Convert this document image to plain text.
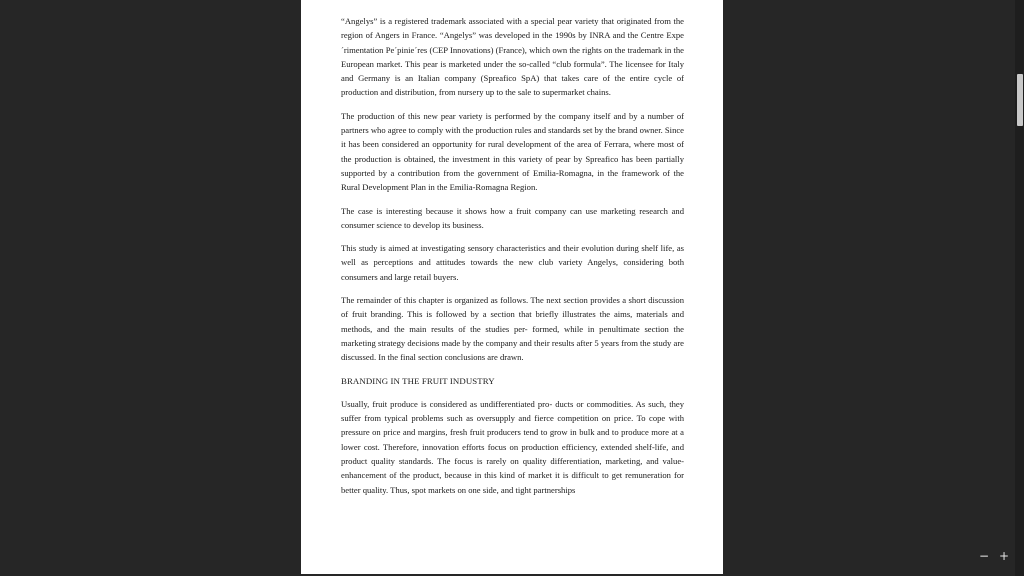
“Angelys” is a registered trademark associated with a special pear variety that originated from the region of Angers in France. “Angelys” was developed in the 1990s by INRA and the Centre Expe´rimentation Pe´pinie´res (CEP Innovations) (France), which own the rights on the trademark in the European market. This pear is marketed under the so-called “club formula”. The licensee for Italy and Germany is an Italian company (Spreafico SpA) that takes care of the entire cycle of production and distribution, from nursery up to the sale to supermarket chains.

The production of this new pear variety is performed by the company itself and by a number of partners who agree to comply with the production rules and standards set by the brand owner. Since it has been considered an opportunity for rural development of the area of Ferrara, where most of the production is obtained, the investment in this variety of pear by Spreafico has been partially supported by a contribution from the government of Emilia-Romagna, in the framework of the Rural Development Plan in the Emilia-Romagna Region.

The case is interesting because it shows how a fruit company can use marketing research and consumer science to develop its business.

This study is aimed at investigating sensory characteristics and their evolution during shelf life, as well as perceptions and attitudes towards the new club variety Angelys, considering both consumers and large retail buyers.

The remainder of this chapter is organized as follows. The next section provides a short discussion of fruit branding. This is followed by a section that briefly illustrates the aims, materials and methods, and the main results of the studies per- formed, while in penultimate section the marketing strategy decisions made by the company and their results after 5 years from the study are discussed. In the final section conclusions are drawn.

BRANDING IN THE FRUIT INDUSTRY

Usually, fruit produce is considered as undifferentiated pro- ducts or commodities. As such, they suffer from typical problems such as oversupply and fierce competition on price. To cope with pressure on price and margins, fresh fruit producers tend to grow in bulk and to produce more at a lower cost. Therefore, innovation efforts focus on production efficiency, extended shelf-life, and product quality standards. The focus is rarely on quality differentiation, marketing, and value- enhancement of the product, because in this kind of market it is difficult to get remuneration for better quality. Thus, spot markets on one side, and tight partnerships

− +
